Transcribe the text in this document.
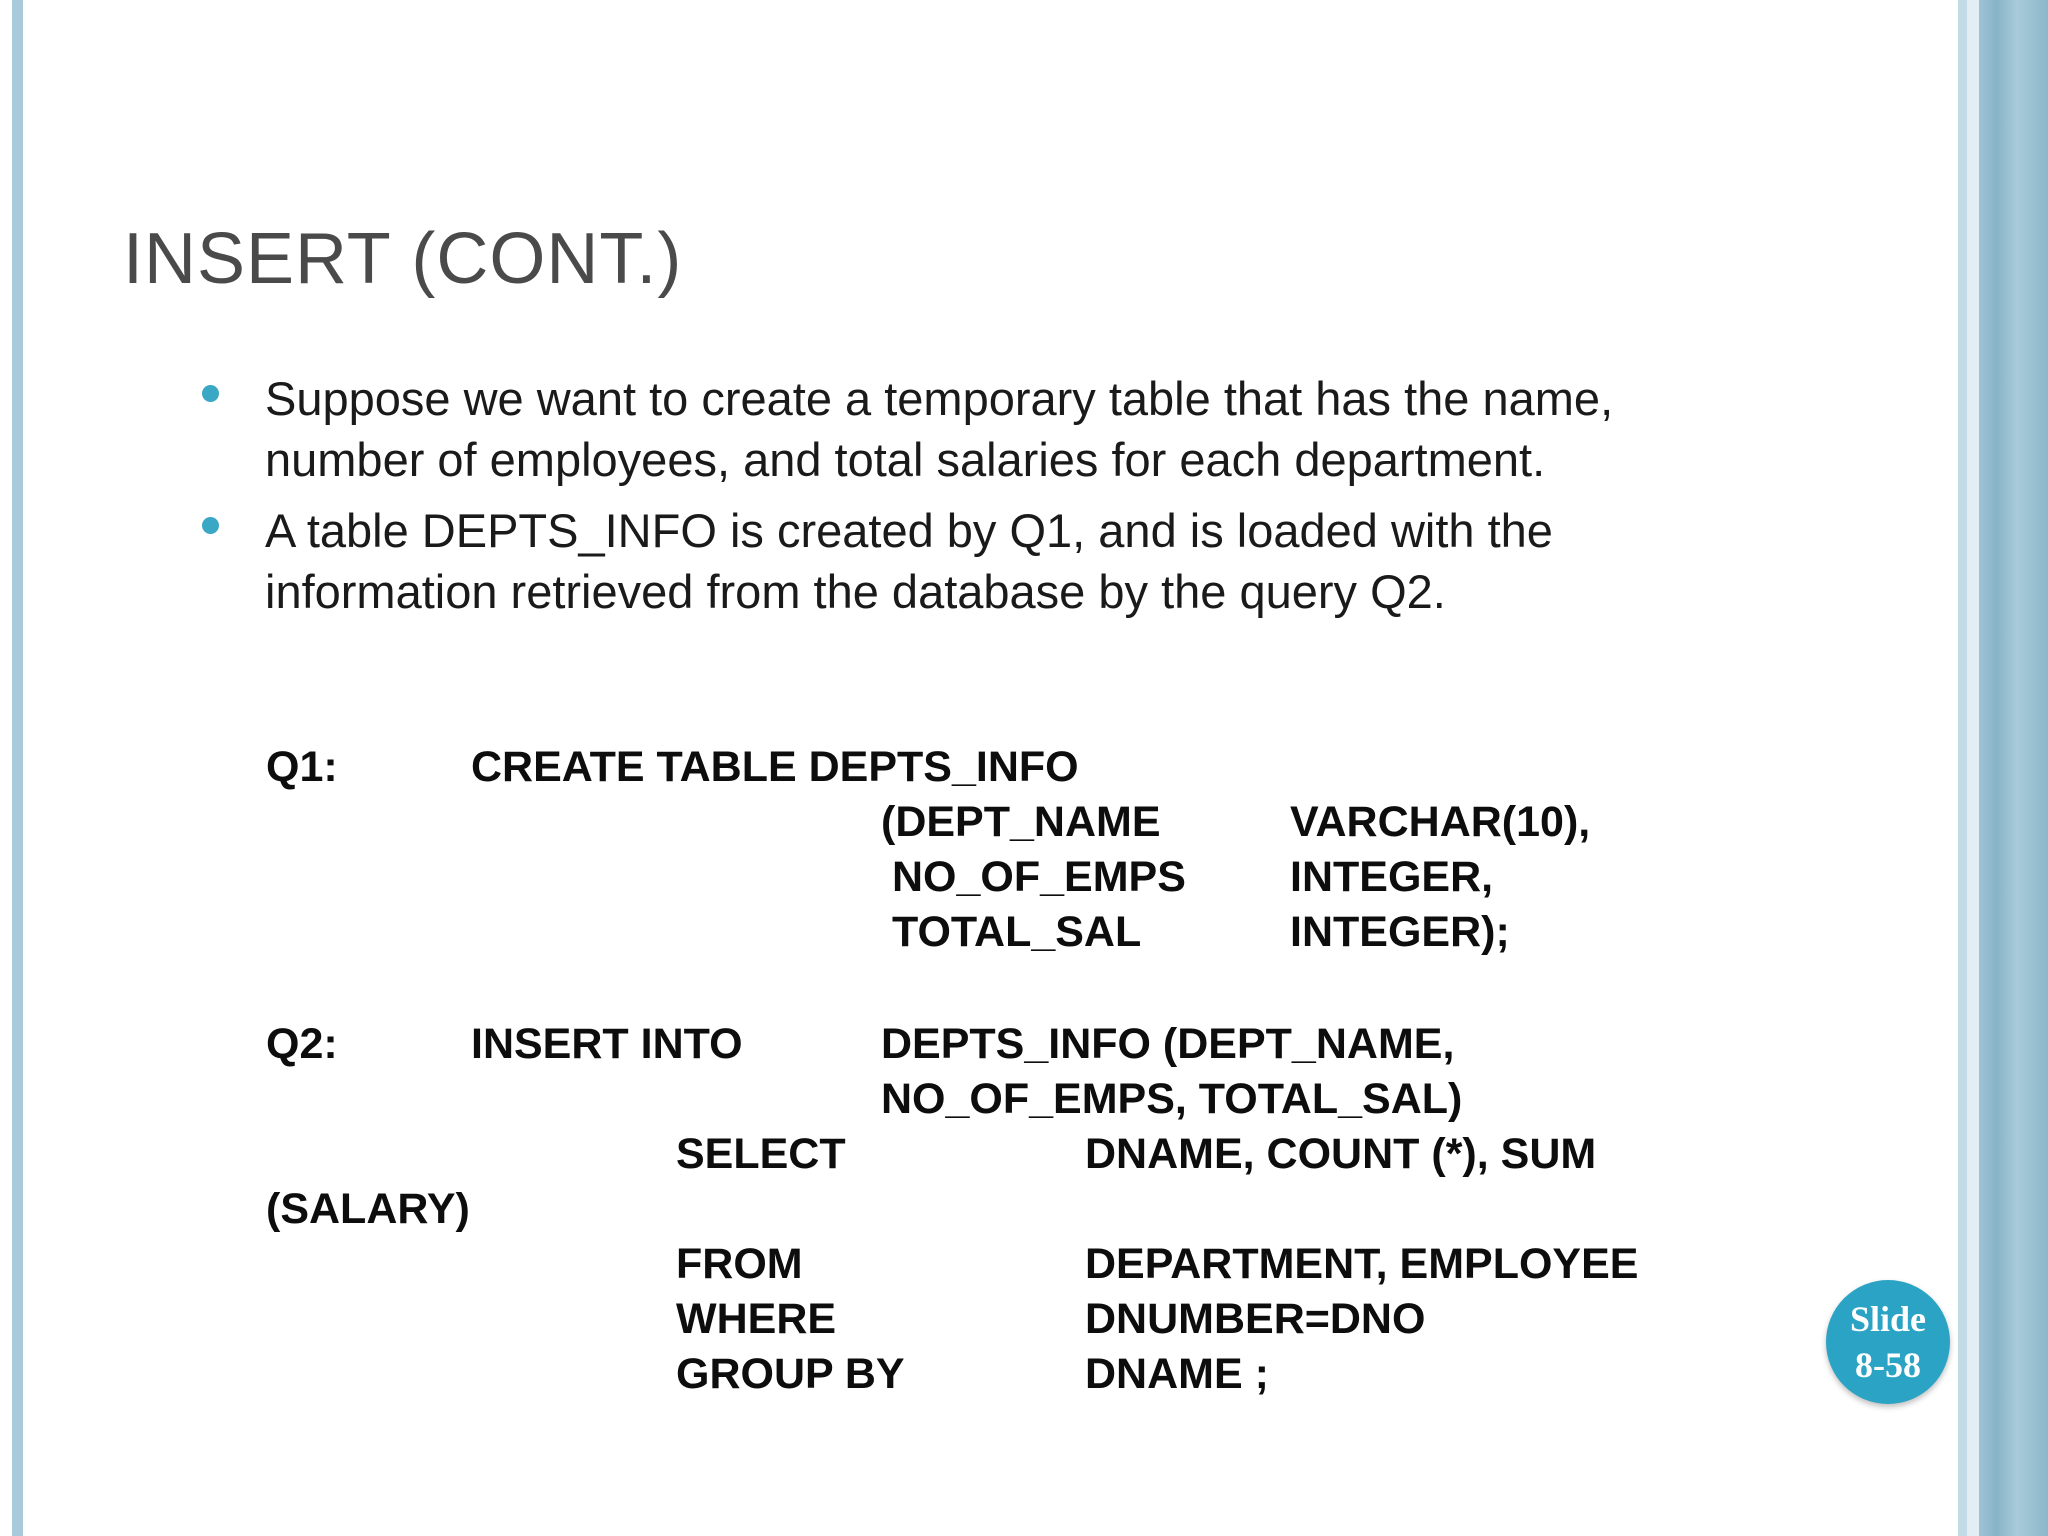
INSERT (CONT.)
Suppose we want to create a temporary table that has the name, number of employees, and total salaries for each department.
A table DEPTS_INFO is created by Q1, and is loaded with the information retrieved from the database by the query Q2.
Q1:	CREATE TABLE DEPTS_INFO
(DEPT_NAME	VARCHAR(10),
NO_OF_EMPS INTEGER,
TOTAL_SAL	INTEGER);
Q2:	INSERT INTO	DEPTS_INFO (DEPT_NAME,
NO_OF_EMPS, TOTAL_SAL)
SELECT	DNAME, COUNT (*), SUM
(SALARY)
FROM	DEPARTMENT, EMPLOYEE
WHERE	DNUMBER=DNO
GROUP BY	DNAME ;
Slide
8-58
